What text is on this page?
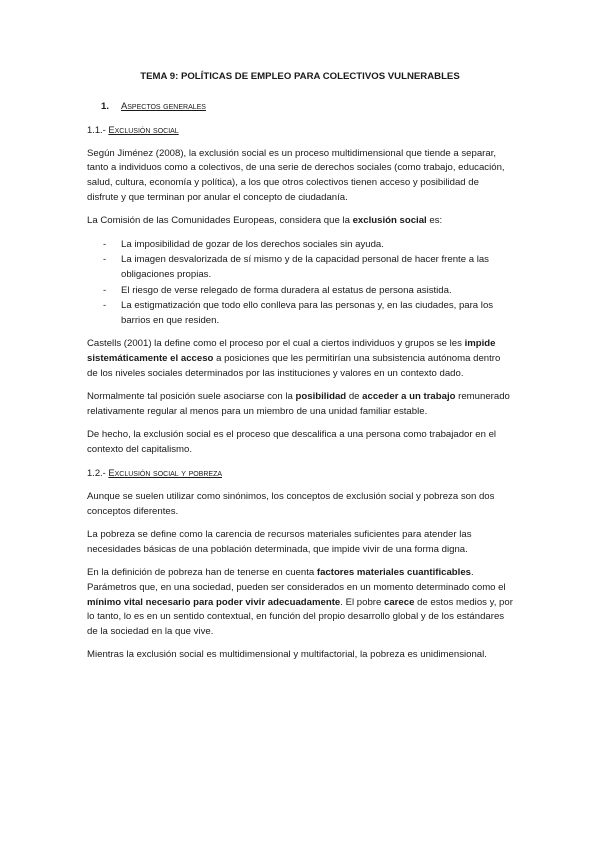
TEMA 9: POLÍTICAS DE EMPLEO PARA COLECTIVOS VULNERABLES
1.	Aspectos generales
1.1.- Exclusión social

Según Jiménez (2008), la exclusión social es un proceso multidimensional que tiende a separar, tanto a individuos como a colectivos, de una serie de derechos sociales (como trabajo, educación, salud, cultura, economía y política), a los que otros colectivos tienen acceso y posibilidad de disfrute y que terminan por anular el concepto de ciudadanía.

La Comisión de las Comunidades Europeas, considera que la exclusión social es:

- La imposibilidad de gozar de los derechos sociales sin ayuda.
- La imagen desvalorizada de sí mismo y de la capacidad personal de hacer frente a las obligaciones propias.
- El riesgo de verse relegado de forma duradera al estatus de persona asistida.
- La estigmatización que todo ello conlleva para las personas y, en las ciudades, para los barrios en que residen.

Castells (2001) la define como el proceso por el cual a ciertos individuos y grupos se les impide sistemáticamente el acceso a posiciones que les permitirían una subsistencia autónoma dentro de los niveles sociales determinados por las instituciones y valores en un contexto dado.

Normalmente tal posición suele asociarse con la posibilidad de acceder a un trabajo remunerado relativamente regular al menos para un miembro de una unidad familiar estable.

De hecho, la exclusión social es el proceso que descalifica a una persona como trabajador en el contexto del capitalismo.

1.2.- Exclusión social y pobreza

Aunque se suelen utilizar como sinónimos, los conceptos de exclusión social y pobreza son dos conceptos diferentes.

La pobreza se define como la carencia de recursos materiales suficientes para atender las necesidades básicas de una población determinada, que impide vivir de una forma digna.

En la definición de pobreza han de tenerse en cuenta factores materiales cuantificables. Parámetros que, en una sociedad, pueden ser considerados en un momento determinado como el mínimo vital necesario para poder vivir adecuadamente. El pobre carece de estos medios y, por lo tanto, lo es en un sentido contextual, en función del propio desarrollo global y de los estándares de la sociedad en la que vive.

Mientras la exclusión social es multidimensional y multifactorial, la pobreza es unidimensional.
